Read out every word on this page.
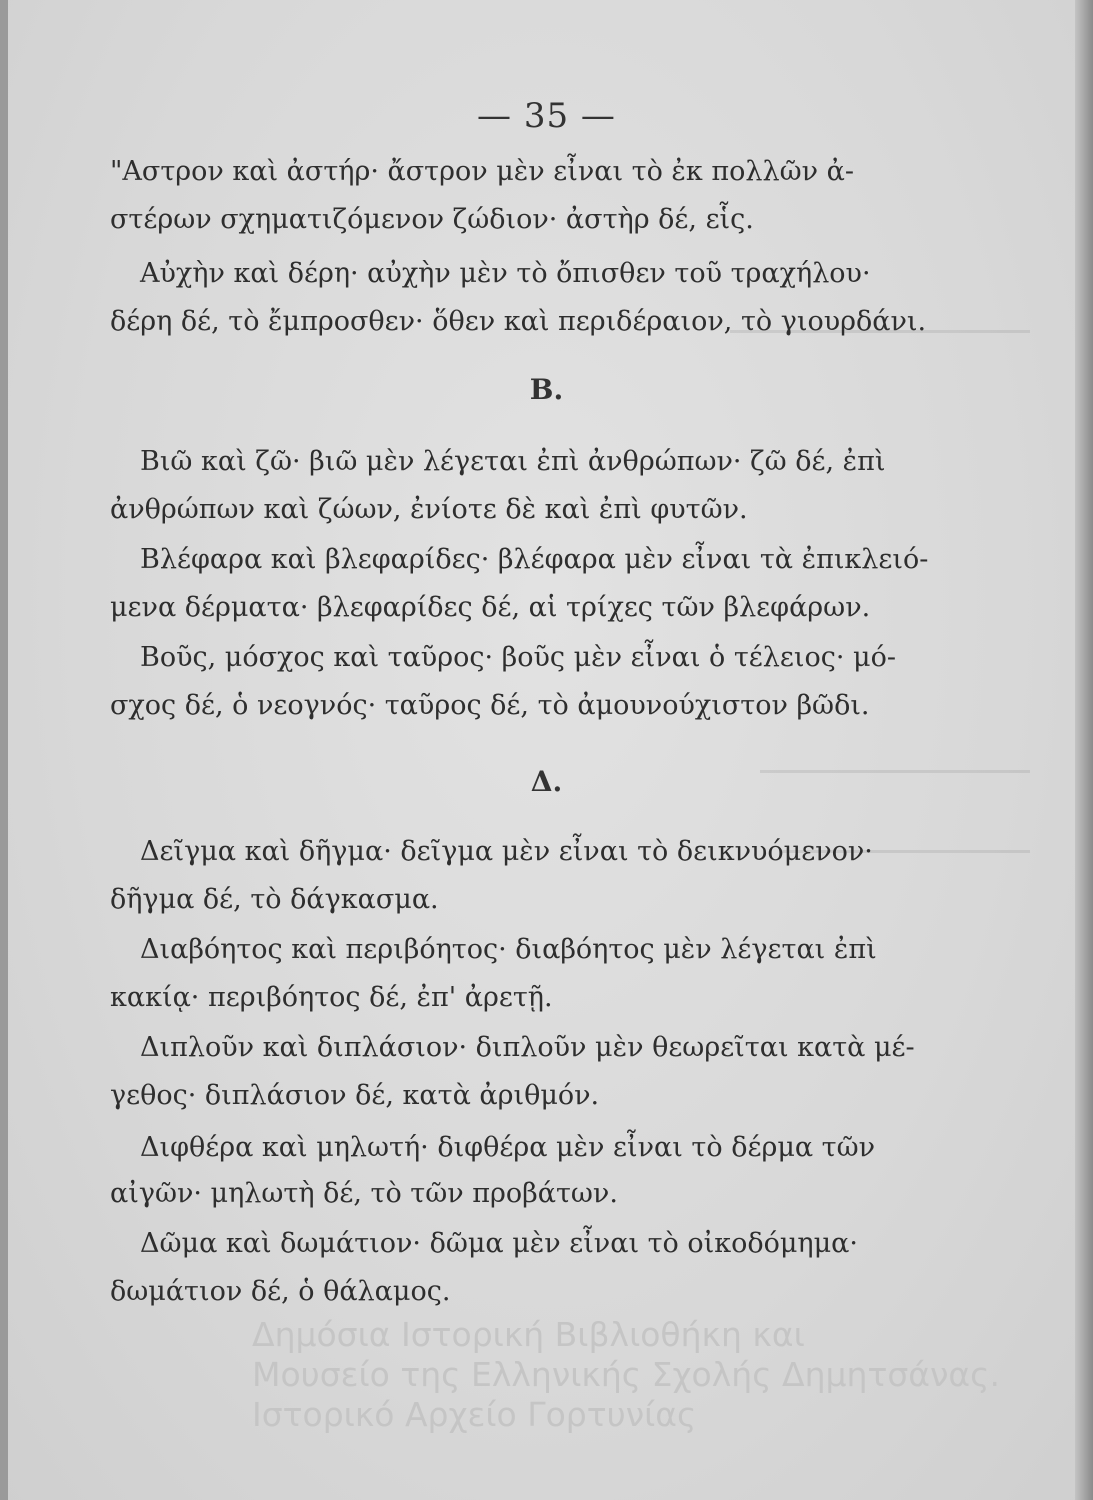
— 35 —
"Αστρον καὶ ἀστήρ· ἄστρον μὲν εἶναι τὸ ἐκ πολλῶν ἀ-
στέρων σχηματιζόμενον ζώδιον· ἀστὴρ δέ, εἷς.
Αὐχὴν καὶ δέρη· αὐχὴν μὲν τὸ ὄπισθεν τοῦ τραχήλου·
δέρη δέ, τὸ ἔμπροσθεν· ὅθεν καὶ περιδέραιον, τὸ γιουρδάνι.
Β.
Βιῶ καὶ ζῶ· βιῶ μὲν λέγεται ἐπὶ ἀνθρώπων· ζῶ δέ, ἐπὶ
ἀνθρώπων καὶ ζώων, ἐνίοτε δὲ καὶ ἐπὶ φυτῶν.
Βλέφαρα καὶ βλεφαρίδες· βλέφαρα μὲν εἶναι τὰ ἐπικλειό-
μενα δέρματα· βλεφαρίδες δέ, αἱ τρίχες τῶν βλεφάρων.
Βοῦς, μόσχος καὶ ταῦρος· βοῦς μὲν εἶναι ὁ τέλειος· μό-
σχος δέ, ὁ νεογνός· ταῦρος δέ, τὸ ἀμουνούχιστον βῶδι.
Δ.
Δεῖγμα καὶ δῆγμα· δεῖγμα μὲν εἶναι τὸ δεικνυόμενον·
δῆγμα δέ, τὸ δάγκασμα.
Διαβόητος καὶ περιβόητος· διαβόητος μὲν λέγεται ἐπὶ
κακίᾳ· περιβόητος δέ, ἐπ' ἀρετῇ.
Διπλοῦν καὶ διπλάσιον· διπλοῦν μὲν θεωρεῖται κατὰ μέ-
γεθος· διπλάσιον δέ, κατὰ ἀριθμόν.
Διφθέρα καὶ μηλωτή· διφθέρα μὲν εἶναι τὸ δέρμα τῶν
αἰγῶν· μηλωτὴ δέ, τὸ τῶν προβάτων.
Δῶμα καὶ δωμάτιον· δῶμα μὲν εἶναι τὸ οἰκοδόμημα·
δωμάτιον δέ, ὁ θάλαμος.
Δημόσια Ιστορική Βιβλιοθήκη και
Μουσείο της Ελληνικής Σχολής Δημητσάνας.
Ιστορικό Αρχείο Γορτυνίας
